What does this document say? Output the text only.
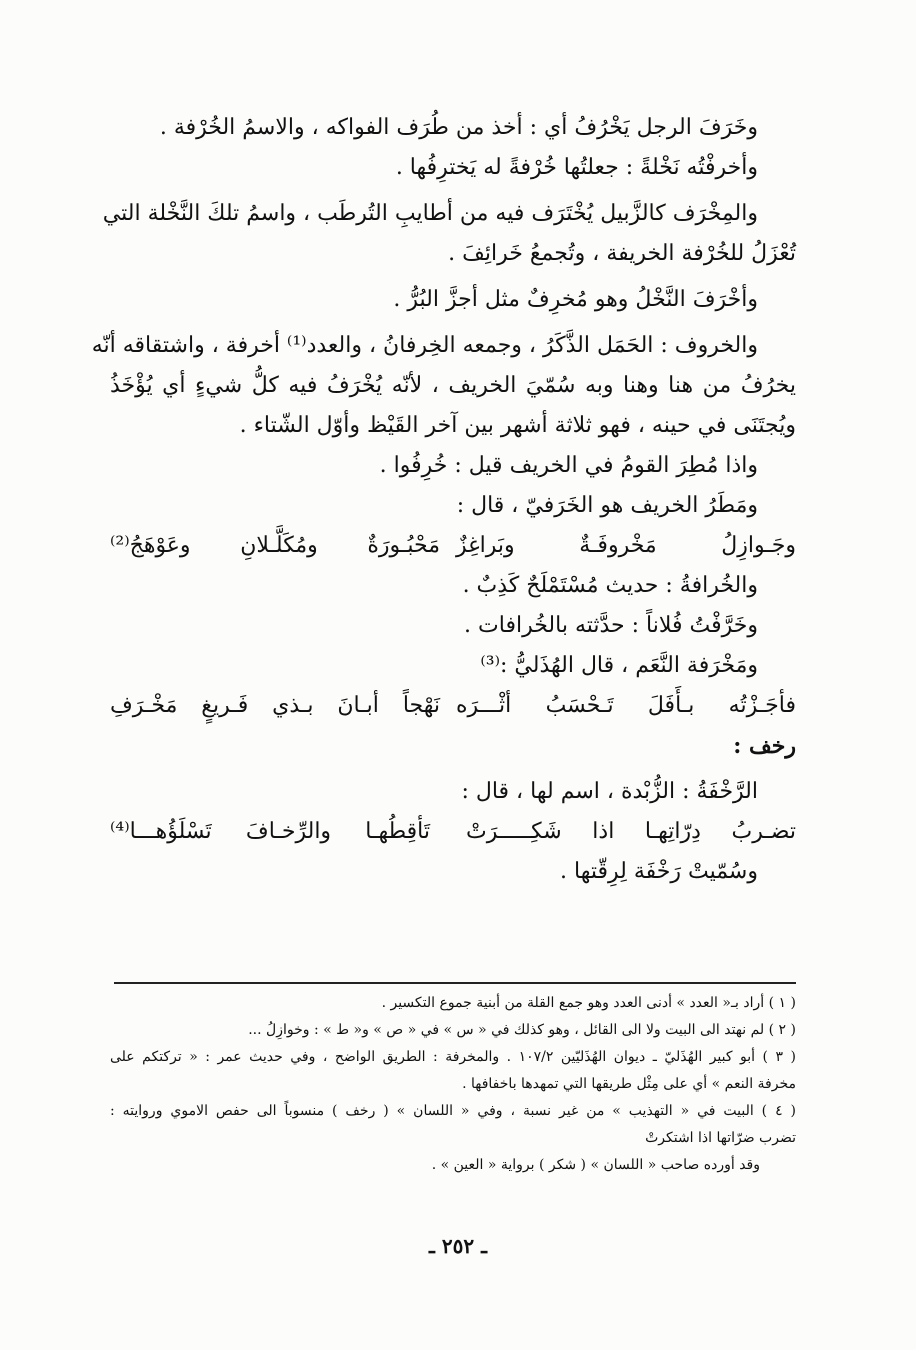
وخَرَفَ الرجل يَخْرُفُ أي : أخذ من طُرَف الفواكه ، والاسمُ الخُرْفة .
وأخرفْتُه نَخْلةً : جعلتُها خُرْفةً له يَخترِفُها .
والمِخْرَف كالزَّبيل يُخْتَرَف فيه من أطايبِ التُرطَب ، واسمُ تلكَ النَّخْلة التي
تُعْزَلُ للخُرْفة الخريفة ، وتُجمعُ خَرائِفَ .
وأخْرَفَ النَّخْلُ وهو مُخرِفٌ مثل أجزَّ البُرُّ .
والخروف : الحَمَل الذَّكَرُ ، وجمعه الخِرفانُ ، والعدد⁽¹⁾ أخرفة ، واشتقاقه أنّه
يخرُفُ من هنا وهنا وبه سُمّيَ الخريف ، لأنّه يُخْرَفُ فيه كلُّ شيءٍ أي يُؤْخَذُ
ويُجتَنَى في حينه ، فهو ثلاثة أشهر بين آخر القَيْظ وأوّل الشّتاء .
واذا مُطِرَ القومُ في الخريف قيل : خُرِفُوا .
ومَطَرُ الخريف هو الخَرَفيّ ، قال :
وجَـوازِلُ مَخْروفَـةٌ وبَراغِزٌ
مَحْبُـورَةٌ ومُكَلَّـلانِ وعَوْهَجُ⁽²⁾
والخُرافةُ : حديث مُسْتَمْلَحٌ كَذِبٌ .
وخَرَّفْتُ فُلاناً : حدَّثته بالخُرافات .
ومَخْرَفة النَّعَم ، قال الهُذَليُّ :⁽³⁾
فأجَـزْتُه بـأَفَلَ تَـحْسَبُ أثْـــرَه
نَهْجاً أبـانَ بـذي فَـريغٍ مَخْـرَفِ
رخف :
الرَّخْفَةُ : الزُّبْدة ، اسم لها ، قال :
تضـربُ دِرّاتِهـا اذا شَكِـــــرَتْ
تَأقِطُهـا والرِّخـافَ تَسْلَؤُهـــا⁽⁴⁾
وسُمّيتْ رَخْفَة لِرِقّتها .
( ١ ) أراد بـ« العدد » أدنى العدد وهو جمع القلة من أبنية جموع التكسير .
( ٢ ) لم نهتد الى البيت ولا الى القائل ، وهو كذلك في « س » في « ص » و« ط » : وخوازِلُ ...
( ٣ ) أبو كبير الهُذَليّ ـ ديوان الهُذَليّين ١٠٧/٢ . والمخرفة : الطريق الواضح ، وفي حديث عمر : « تركتكم على
مخرفة النعم » أي على مِثْل طريقها التي تمهدها باخفافها .
( ٤ ) البيت في « التهذيب » من غير نسبة ، وفي « اللسان » ( رخف ) منسوباً الى حفص الاموي وروايته :
تضرب ضرّاتها اذا اشتكرتْ
وقد أورده صاحب « اللسان » ( شكر ) برواية « العين » .
ـ ٢٥٢ ـ
